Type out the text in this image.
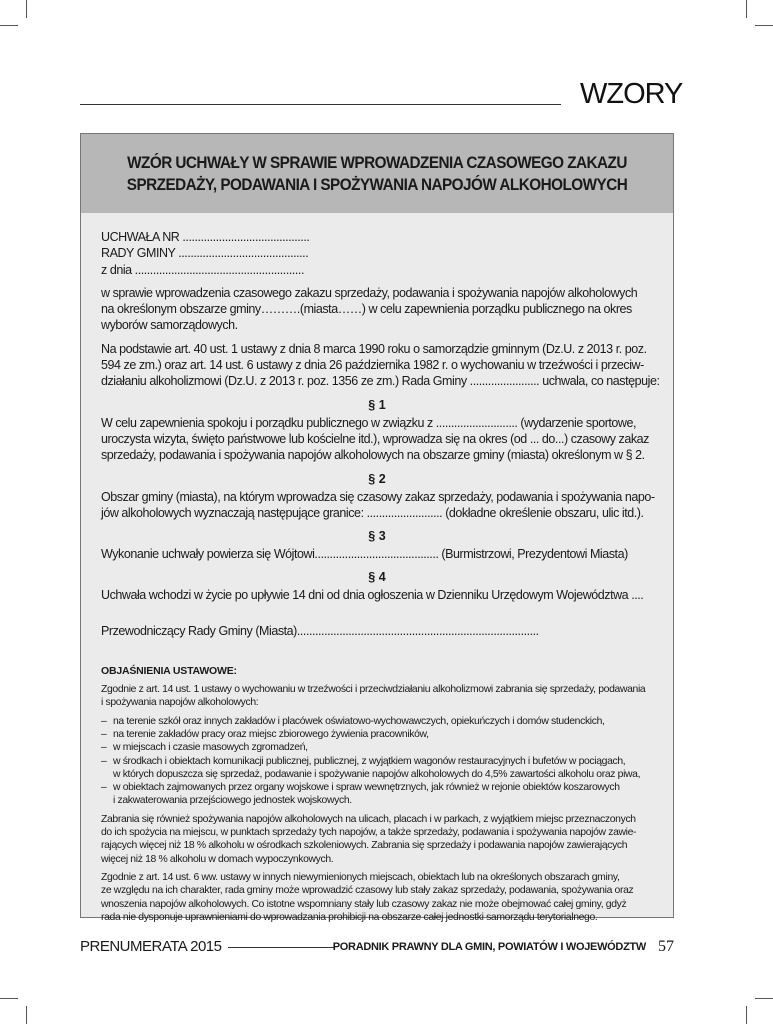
WZORY
WZÓR UCHWAŁY W SPRAWIE WPROWADZENIA CZASOWEGO ZAKAZU
SPRZEDAŻY, PODAWANIA I SPOŻYWANIA NAPOJÓW ALKOHOLOWYCH
UCHWAŁA NR ..........................................
RADY GMINY ...........................................
z dnia ........................................................
w sprawie wprowadzenia czasowego zakazu sprzedaży, podawania i spożywania napojów alkoholowych
na określonym obszarze gminy……….(miasta……) w celu zapewnienia porządku publicznego na okres
wyborów samorządowych.
Na podstawie art. 40 ust. 1 ustawy z dnia 8 marca 1990 roku o samorządzie gminnym (Dz.U. z 2013 r. poz.
594 ze zm.) oraz art. 14 ust. 6 ustawy z dnia 26 października 1982 r. o wychowaniu w trzeźwości i przeciw-
działaniu alkoholizmowi (Dz.U. z 2013 r. poz. 1356 ze zm.) Rada Gminy ....................... uchwala, co następuje:
§ 1
W celu zapewnienia spokoju i porządku publicznego w związku z ........................... (wydarzenie sportowe,
uroczysta wizyta, święto państwowe lub kościelne itd.), wprowadza się na okres (od ... do...) czasowy zakaz
sprzedaży, podawania i spożywania napojów alkoholowych na obszarze gminy (miasta) określonym w § 2.
§ 2
Obszar gminy (miasta), na którym wprowadza się czasowy zakaz sprzedaży, podawania i spożywania napo-
jów alkoholowych wyznaczają następujące granice: ......................... (dokładne określenie obszaru, ulic itd.).
§ 3
Wykonanie uchwały powierza się Wójtowi......................................... (Burmistrzowi, Prezydentowi Miasta)
§ 4
Uchwała wchodzi w życie po upływie 14 dni od dnia ogłoszenia w Dzienniku Urzędowym Województwa ....
Przewodniczący Rady Gminy (Miasta)................................................................................
OBJAŚNIENIA USTAWOWE:
Zgodnie z art. 14 ust. 1 ustawy o wychowaniu w trzeźwości i przeciwdziałaniu alkoholizmowi zabrania się sprzedaży, podawania
i spożywania napojów alkoholowych:
– na terenie szkół oraz innych zakładów i placówek oświatowo-wychowawczych, opiekuńczych i domów studenckich,
– na terenie zakładów pracy oraz miejsc zbiorowego żywienia pracowników,
– w miejscach i czasie masowych zgromadzeń,
– w środkach i obiektach komunikacji publicznej, publicznej, z wyjątkiem wagonów restauracyjnych i bufetów w pociągach,
w których dopuszcza się sprzedaż, podawanie i spożywanie napojów alkoholowych do 4,5% zawartości alkoholu oraz piwa,
– w obiektach zajmowanych przez organy wojskowe i spraw wewnętrznych, jak również w rejonie obiektów koszarowych
i zakwaterowania przejściowego jednostek wojskowych.
Zabrania się również spożywania napojów alkoholowych na ulicach, placach i w parkach, z wyjątkiem miejsc przeznaczonych
do ich spożycia na miejscu, w punktach sprzedaży tych napojów, a także sprzedaży, podawania i spożywania napojów zawie-
rających więcej niż 18 % alkoholu w ośrodkach szkoleniowych. Zabrania się sprzedaży i podawania napojów zawierających
więcej niż 18 % alkoholu w domach wypoczynkowych.
Zgodnie z art. 14 ust. 6 ww. ustawy w innych niewymienionych miejscach, obiektach lub na określonych obszarach gminy,
ze względu na ich charakter, rada gminy może wprowadzić czasowy lub stały zakaz sprzedaży, podawania, spożywania oraz
wnoszenia napojów alkoholowych. Co istotne wspomniany stały lub czasowy zakaz nie może obejmować całej gminy, gdyż
rada nie dysponuje uprawnieniami do wprowadzania prohibicji na obszarze całej jednostki samorządu terytorialnego.
PRENUMERATA 2015	PORADNIK PRAWNY DLA GMIN, POWIATÓW I WOJEWÓDZTW 57
